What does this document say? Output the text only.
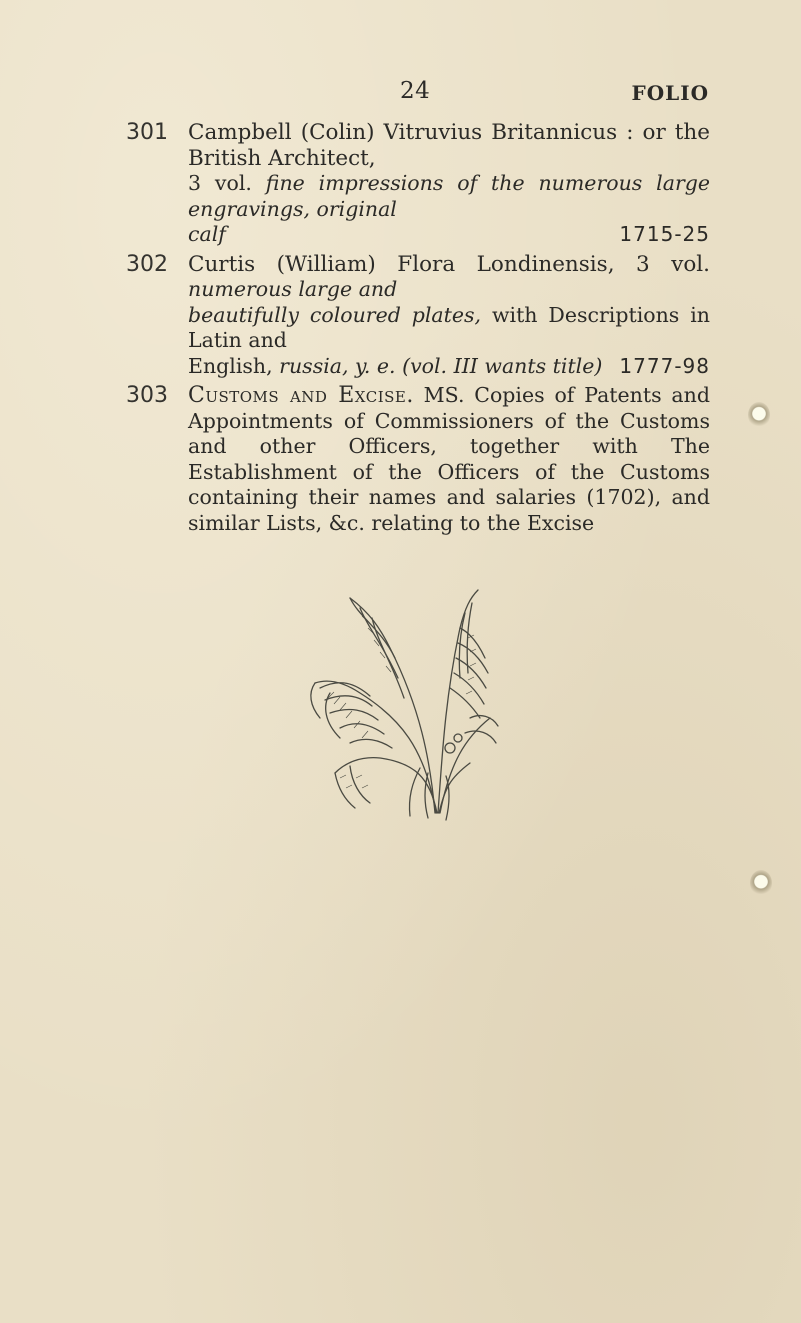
24	FOLIO
301 Campbell (Colin) Vitruvius Britannicus : or the British Architect,
3 vol. fine impressions of the numerous large engravings, original
calf	1715-25
302 Curtis (William) Flora Londinensis, 3 vol. numerous large and
beautifully coloured plates, with Descriptions in Latin and
English, russia, y. e. (vol. III wants title) 1777-98
303 Customs and Excise. MS. Copies of Patents and Appointments of Commissioners of the Customs and other Officers, together with The Establishment of the Officers of the Customs containing their names and salaries (1702), and similar Lists, &c. relating to the Excise
